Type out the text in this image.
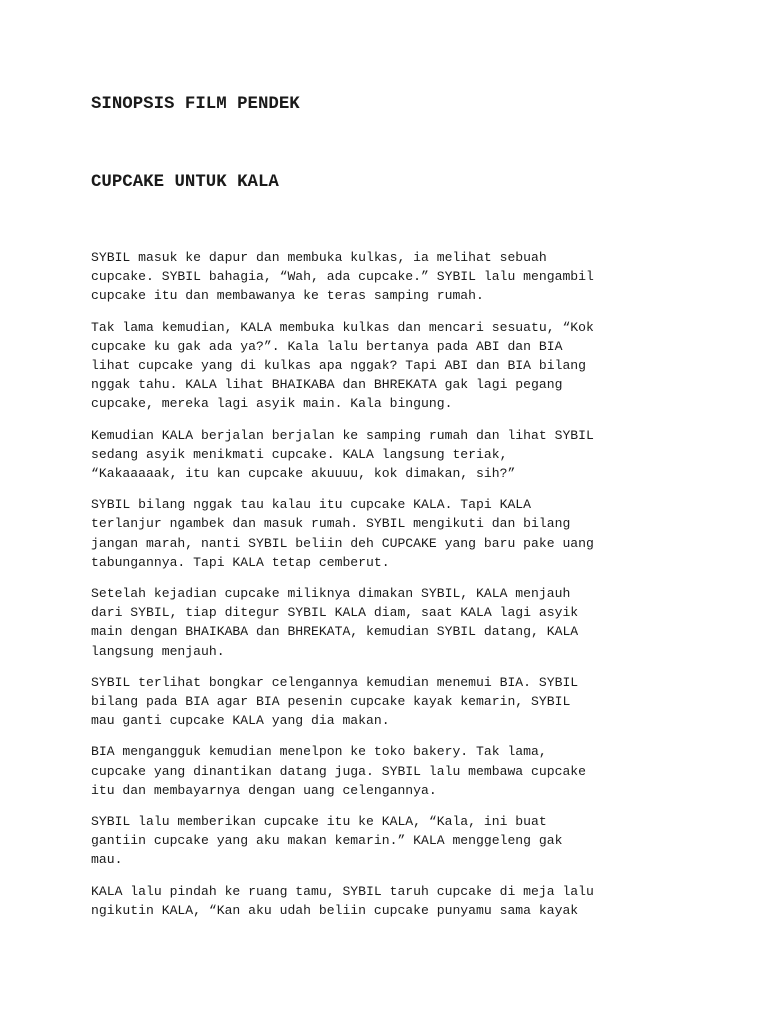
SINOPSIS FILM PENDEK
CUPCAKE UNTUK KALA

SYBIL masuk ke dapur dan membuka kulkas, ia melihat sebuah
cupcake. SYBIL bahagia, “Wah, ada cupcake.” SYBIL lalu mengambil
cupcake itu dan membawanya ke teras samping rumah.

Tak lama kemudian, KALA membuka kulkas dan mencari sesuatu, “Kok
cupcake ku gak ada ya?”. Kala lalu bertanya pada ABI dan BIA
lihat cupcake yang di kulkas apa nggak? Tapi ABI dan BIA bilang
nggak tahu. KALA lihat BHAIKABA dan BHREKATA gak lagi pegang
cupcake, mereka lagi asyik main. Kala bingung.

Kemudian KALA berjalan berjalan ke samping rumah dan lihat SYBIL
sedang asyik menikmati cupcake. KALA langsung teriak,
“Kakaaaaak, itu kan cupcake akuuuu, kok dimakan, sih?”

SYBIL bilang nggak tau kalau itu cupcake KALA. Tapi KALA
terlanjur ngambek dan masuk rumah. SYBIL mengikuti dan bilang
jangan marah, nanti SYBIL beliin deh CUPCAKE yang baru pake uang
tabungannya. Tapi KALA tetap cemberut.

Setelah kejadian cupcake miliknya dimakan SYBIL, KALA menjauh
dari SYBIL, tiap ditegur SYBIL KALA diam, saat KALA lagi asyik
main dengan BHAIKABA dan BHREKATA, kemudian SYBIL datang, KALA
langsung menjauh.

SYBIL terlihat bongkar celengannya kemudian menemui BIA. SYBIL
bilang pada BIA agar BIA pesenin cupcake kayak kemarin, SYBIL
mau ganti cupcake KALA yang dia makan.

BIA mengangguk kemudian menelpon ke toko bakery. Tak lama,
cupcake yang dinantikan datang juga. SYBIL lalu membawa cupcake
itu dan membayarnya dengan uang celengannya.

SYBIL lalu memberikan cupcake itu ke KALA, “Kala, ini buat
gantiin cupcake yang aku makan kemarin.” KALA menggeleng gak
mau.

KALA lalu pindah ke ruang tamu, SYBIL taruh cupcake di meja lalu
ngikutin KALA, “Kan aku udah beliin cupcake punyamu sama kayak
